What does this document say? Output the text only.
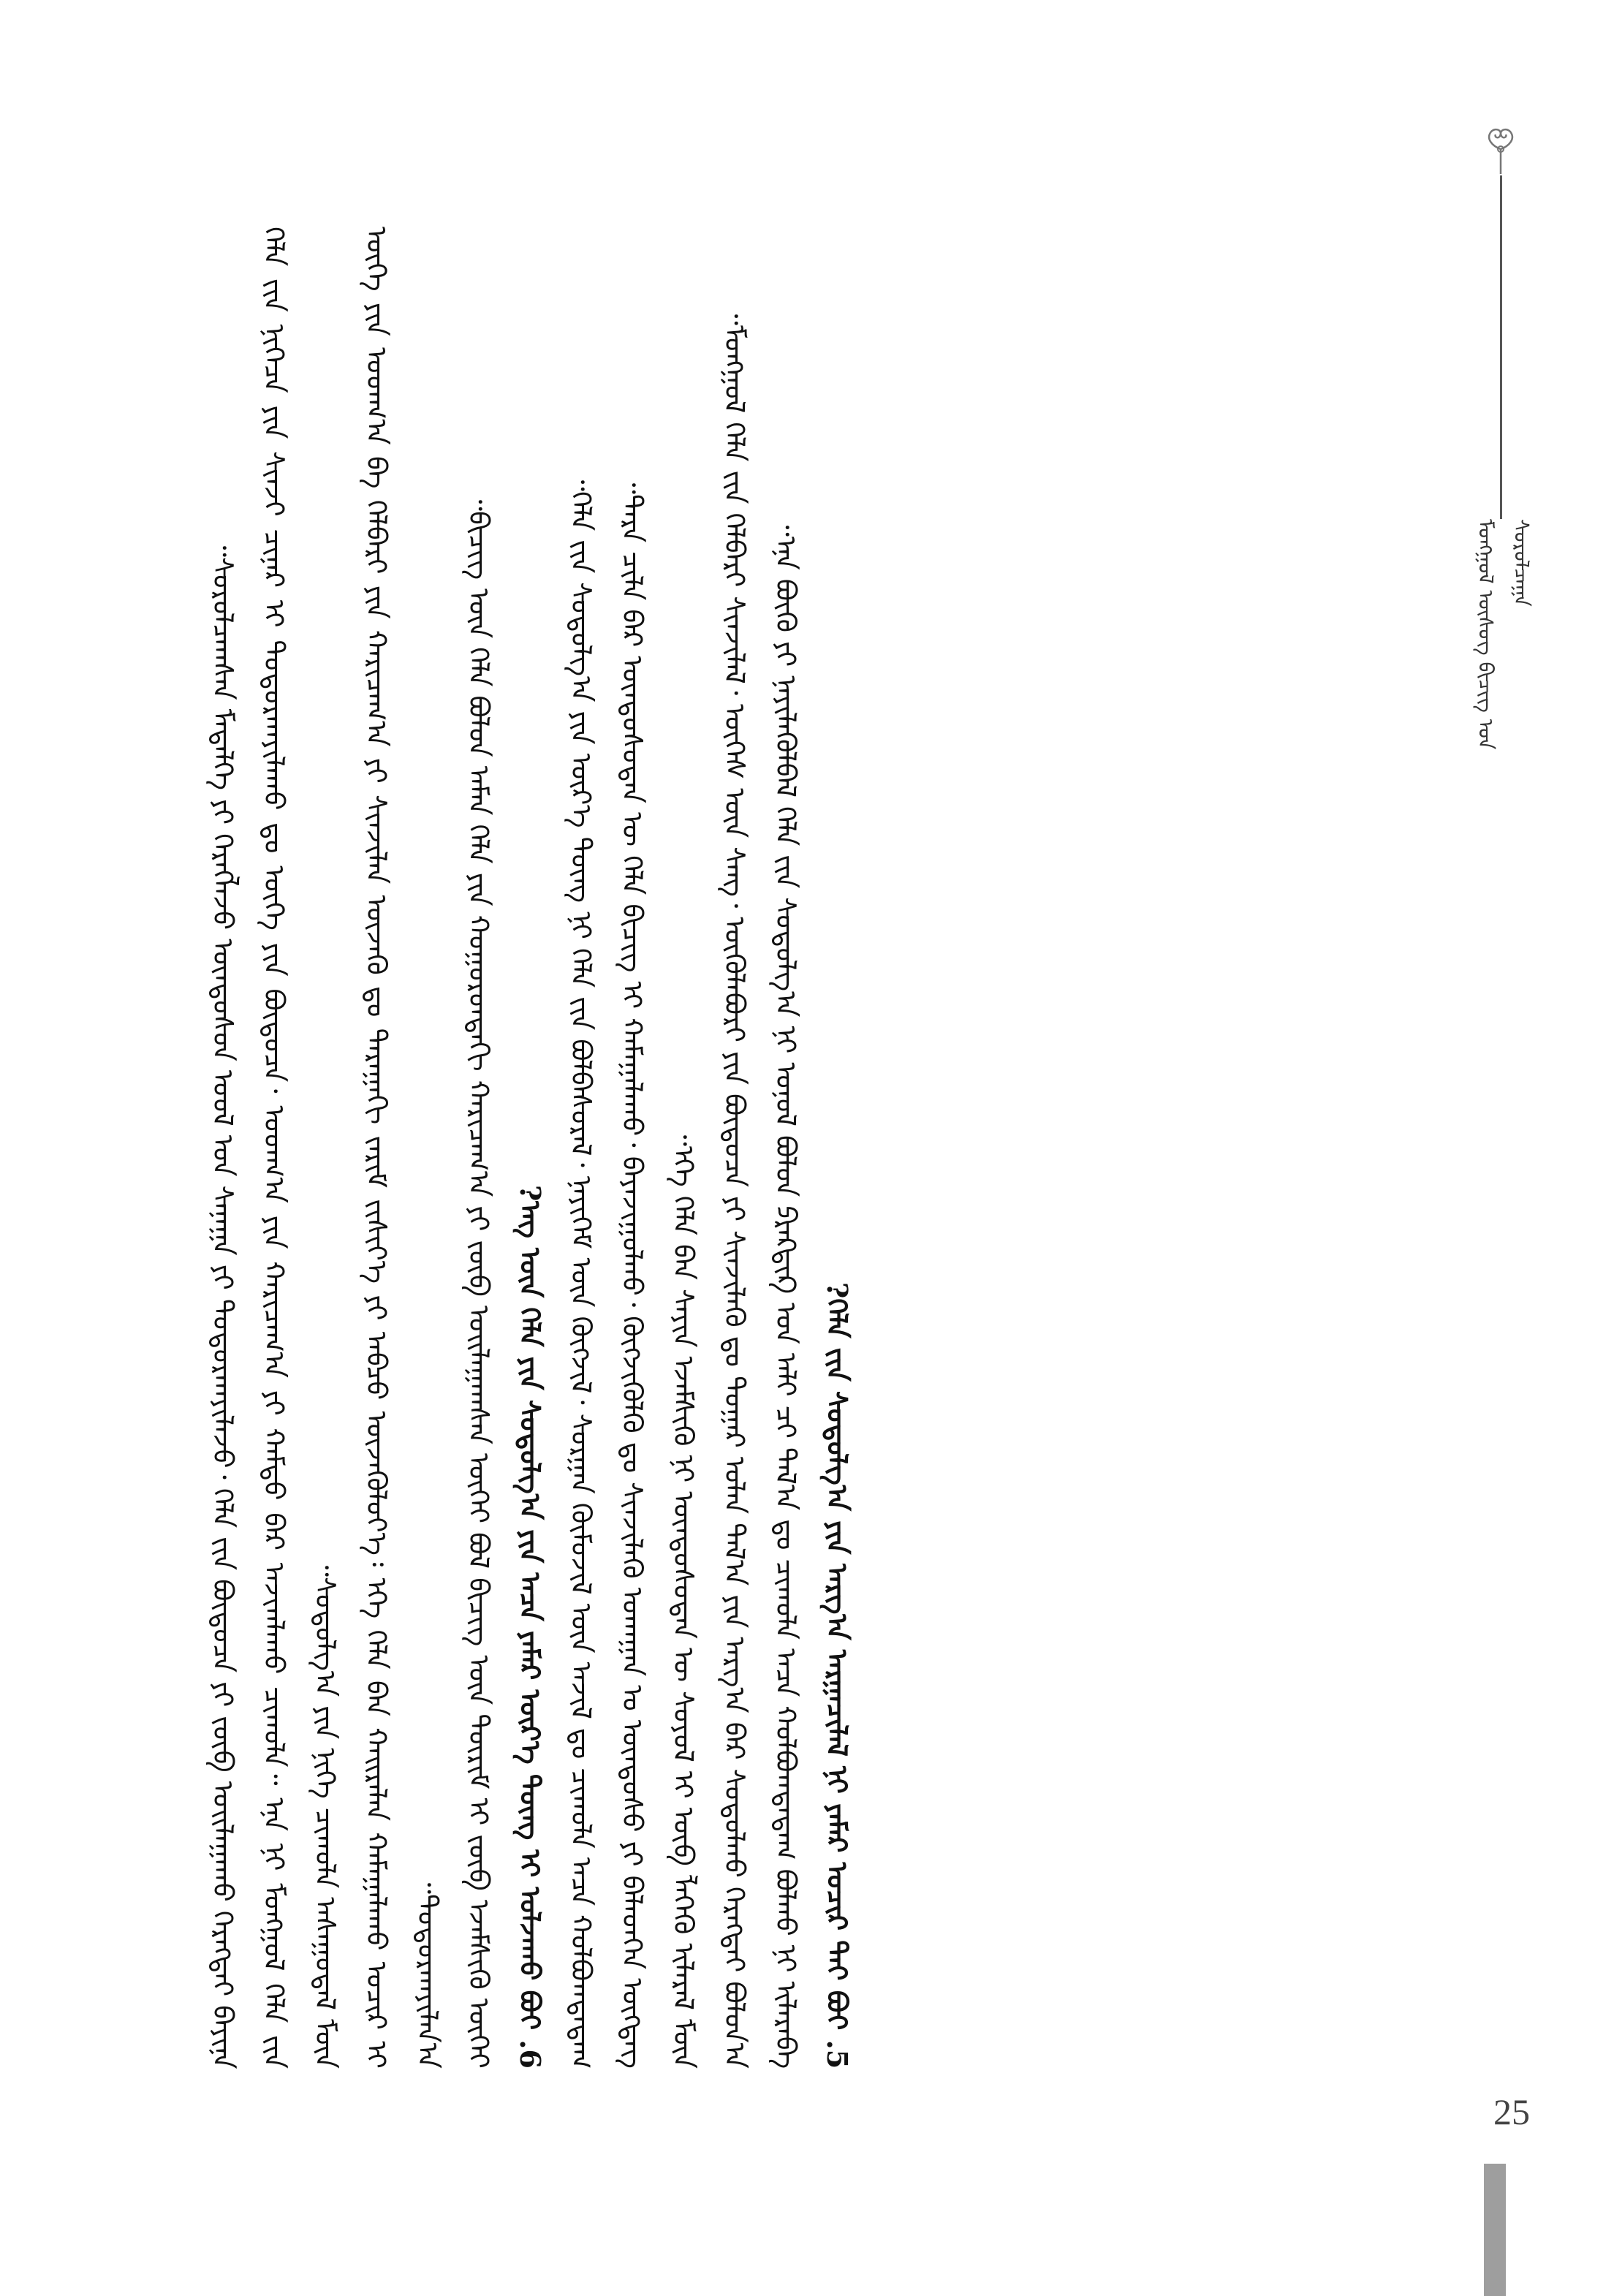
ᠮᠣᠩᠭᠣᠯ ᠦᠰᠦᠭ ᠪᠢᠴᠢᠭ ᠤᠨ ᠰᠤᠷᠤᠯᠴᠠᠭᠠ

ᠰᠤᠷᠤᠯᠴᠠᠭᠰᠠᠨ ᠮᠡᠳᠡᠯᠭᠡ ᠶᠢ ᠬᠡᠷᠡᠭᠯᠡᠵᠦ ᠦᠨᠳᠦᠰᠦᠨ ᠤᠤᠯ ᠤᠨ ᠰᠠᠨᠠᠭᠠ ᠶᠢ ᠲᠣᠳᠣᠷᠬᠠᠶᠢᠯᠠᠵᠤ᠂ ᠬᠡᠯᠡ ᠵᠢᠨ ᠪᠦᠲᠦᠴᠡ ᠶᠢ ᠵᠦᠪ ᠣᠢᠯᠠᠭᠠᠬᠤ ᠬᠡᠷᠡᠭᠲᠡᠢ ᠪᠠᠶᠢᠨᠠ᠃ ᠬᠡᠯᠡ ᠵᠢᠨ ᠨᠢᠭᠡᠴᠡ ᠶᠢᠨ ᠰᠢᠨᠵᠢ ᠴᠢᠨᠠᠷ ᠢ ᠲᠣᠳᠣᠷᠬᠠᠶᠢᠯᠠᠬᠤ ᠳᠤ ᠦᠭᠡ ᠶᠢᠨ ᠪᠦᠲᠦᠴᠡ᠂ ᠤᠳᠬ᠎ᠠ ᠶᠢᠨ ᠬᠠᠷᠢᠴᠠᠭ᠎ᠠ ᠶᠢ ᠬᠠᠮᠲᠤ ᠪᠠᠷ ᠠᠵᠢᠭᠯᠠᠬᠤ ᠴᠢᠬᠤᠯᠠ᠃ ᠡᠨᠡ ᠨᠢ ᠮᠣᠩᠭᠣᠯ ᠬᠡᠯᠡ ᠵᠢᠨ ᠰᠤᠳᠤᠯᠭ᠎ᠠ ᠶᠢᠨ ᠨᠢᠭᠡ ᠴᠢᠬᠤᠯᠠ ᠠᠰᠠᠭᠤᠳᠠᠯ ᠮᠥᠨ᠃ ᠦᠭᠡ ᠶᠢᠨ ᠤᠳᠬ᠎ᠠ ᠪᠠ ᠬᠡᠯᠪᠡᠷᠢ ᠶᠢᠨ ᠬᠠᠷᠢᠴᠠᠭ᠎ᠠ ᠶᠢ ᠰᠢᠨᠵᠢᠯᠡᠨ ᠦᠵᠡᠬᠦ ᠳᠤ ᠳᠠᠷᠠᠭᠠᠬᠢ ᠵᠠᠷᠢᠮ ᠵᠢᠱᠢᠶ᠎ᠡ ᠶᠢ ᠠᠪᠴᠤ ᠦᠵᠡᠭᠦᠯᠦᠶ᠎ᠡ᠄ ᠡᠬᠡ ᠬᠡᠯᠡ ᠪᠡᠨ ᠬᠠᠢᠷᠠᠯᠠᠨ ᠬᠠᠮᠠᠭᠠᠯᠠᠬᠤ ᠤᠴᠢᠷ ᠢ ᠲᠣᠳᠣᠷᠬᠠᠶᠢᠯᠠᠨ᠎ᠠ᠃

ᠪᠢᠴᠢᠭ ᠦᠨ ᠬᠡᠯᠡ ᠪᠣᠯᠤᠨ ᠠᠮᠠᠨ ᠬᠡᠯᠡ ᠶᠢᠨ ᠬᠣᠭᠣᠷᠤᠨᠳᠠᠬᠢ ᠬᠠᠷᠢᠴᠠᠭ᠎ᠠ ᠶᠢ ᠵᠦᠪ ᠣᠢᠯᠠᠭᠠᠭᠰᠠᠨ ᠦᠭᠡᠢ ᠪᠣᠯ ᠪᠢᠴᠢᠭ ᠦᠨ ᠳᠦᠷᠢᠮ ᠢ ᠵᠦᠪ ᠡᠵᠡᠮᠰᠢᠬᠦ ᠦᠭᠡᠢ᠃ 6. ᠡᠩ ᠦᠨ ᠬᠡᠯᠡ ᠶᠢᠨ ᠰᠤᠳᠤᠯᠭ᠎ᠠ ᠶᠢᠨ ᠠᠴᠠ ᠶᠠᠮᠠᠷ ᠦᠷ᠎ᠡ ᠳᠦᠩ ᠢ ᠣᠯᠵᠠᠬᠤ ᠪᠣᠢ?

ᠬᠡᠯᠡ ᠵᠢᠨ ᠰᠤᠳᠤᠯᠭ᠎ᠠ ᠶᠢᠨ ᠦᠷ᠎ᠡ ᠳᠦᠩ ᠨᠢ ᠬᠡᠯᠡ ᠵᠢᠨ ᠪᠣᠯᠪᠠᠰᠤᠷᠠᠯ᠂ ᠨᠡᠶᠢᠭᠡᠮ ᠦᠨ ᠬᠥᠭᠵᠢᠯ᠂ ᠰᠤᠷᠭᠠᠨ ᠬᠦᠮᠦᠵᠢᠯ ᠦᠨ ᠠᠵᠢᠯ ᠳᠤ ᠴᠢᠬᠤᠯᠠ ᠠᠴᠠ ᠬᠣᠯᠪᠣᠭᠳᠠᠳᠠᠭ᠃

ᠲᠡᠷᠡ ᠴᠢᠯᠡ ᠪᠡᠷ ᠦᠨᠳᠦᠰᠦᠲᠡᠨ ᠦ ᠬᠡᠯᠡ ᠪᠢᠴᠢᠭ ᠢ ᠬᠠᠮᠠᠭᠠᠯᠠᠬᠤ᠂ ᠪᠠᠶᠠᠵᠢᠭᠤᠯᠬᠤ᠂ ᠬᠥᠭᠵᠢᠭᠦᠯᠬᠦ ᠳᠤ ᠰᠢᠨᠵᠢᠯᠡᠬᠦ ᠤᠬᠠᠭᠠᠨ ᠤ ᠦᠨᠳᠦᠰᠦ ᠶᠢ ᠪᠡᠯᠡᠳᠬᠡᠨ ᠥᠭᠳᠡᠭ᠃ ᠡᠬᠡ ᠬᠡᠯᠡ ᠪᠡᠨ ᠰᠠᠶᠢᠨ ᠡᠵᠡᠮᠰᠢᠬᠦ ᠨᠢ ᠦᠨᠳᠦᠰᠦᠲᠡᠨ ᠦ ᠰᠣᠶᠣᠯ ᠢ ᠦᠪ ᠯᠡᠭᠡᠬᠦ ᠢᠯᠡᠷᠡᠯ ᠮᠥᠨ᠃

ᠮᠣᠩᠭᠣᠯ ᠬᠡᠯᠡ ᠵᠢᠨ ᠬᠡᠯᠪᠡᠷᠢ ᠰᠢᠨᠵᠢᠯᠡᠯ᠂ ᠦᠭᠡᠰ ᠦᠨ ᠰᠠᠩ᠂ ᠥᠭᠦᠯᠡᠪᠦᠷᠢ ᠶᠢᠨ ᠪᠦᠲᠦᠴᠡ ᠶᠢ ᠰᠢᠨᠵᠢᠯᠡᠬᠦ ᠳᠤ ᠳᠤᠭᠠᠷ ᠣᠯᠠᠨ ᠲᠠᠯ᠎ᠠ ᠶᠢᠨ ᠠᠷᠭ᠎ᠠ ᠪᠠᠷ ᠰᠤᠳᠤᠯᠬᠤ ᠬᠡᠷᠡᠭᠲᠡᠢ ᠪᠣᠯᠤᠨ᠎ᠠ᠃ ᠡᠨᠡ ᠪᠦᠬᠦ ᠶᠢ ᠨᠡᠶᠢᠯᠡᠭᠦᠯᠪᠡᠯ ᠬᠡᠯᠡ ᠵᠢᠨ ᠰᠤᠳᠤᠯᠭ᠎ᠠ ᠨᠢ ᠣᠨᠣᠯ ᠪᠣᠯᠤᠨ ᠫᠷᠠᠺᠲᠢᠺ ᠤᠨ ᠠᠯᠢ ᠴᠢ ᠲᠠᠯ᠎ᠠ ᠳᠤ ᠴᠢᠬᠤᠯᠠ ᠠᠴᠠ ᠬᠣᠯᠪᠣᠭᠳᠠᠳᠠᠭ ᠪᠣᠯᠬᠤ ᠨᠢ ᠢᠯᠡᠷᠡᠪᠡ᠃ 5. ᠬᠡᠯᠡ ᠵᠢᠨ ᠰᠤᠳᠤᠯᠭ᠎ᠠ ᠶᠢᠨ ᠠᠷᠭ᠎ᠠ ᠠᠷᠭᠠᠴᠢᠯᠠᠯ ᠨᠢ ᠶᠠᠮᠠᠷ ᠤᠴᠢᠷ ᠲᠠᠢ ᠪᠣᠢ?

25
